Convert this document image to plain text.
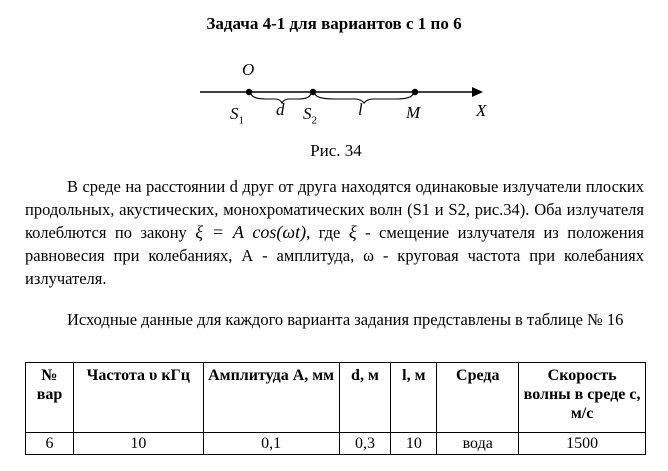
Задача 4-1 для вариантов с 1 по 6
O
$S_1$
d $S_2$
l	M	X
Рис. 34
В среде на расстоянии d друг от друга находятся одинаковые излучатели плоских продольных, акустических, монохроматических волн (S1 и S2, рис.34). Оба излучателя колеблются по закону ξ = A cos(ωt), где ξ - смещение излучателя из положения равновесия при колебаниях, А - амплитуда, ω - круговая частота при колебаниях излучателя.
Исходные данные для каждого варианта задания представлены в таблице № 16
№ вар	Частота υ кГц	Амплитуда А, мм	d, м	l, м	Среда	Скорость волны в среде с, м/с
6	10	0,1	0,3	10	вода	1500
